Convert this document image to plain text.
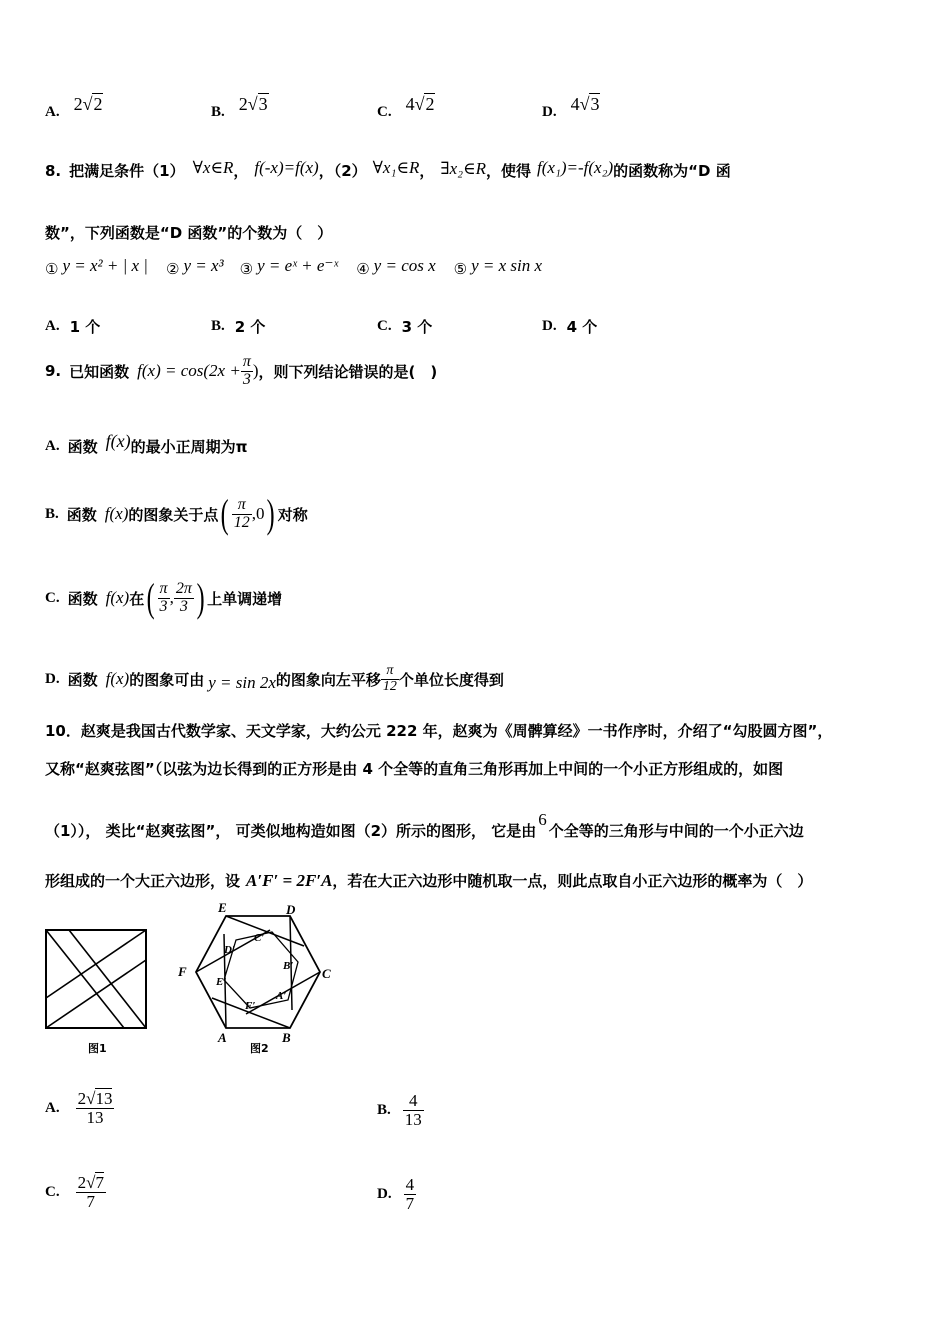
A. 2√2	B. 2√3	C. 4√2	D. 4√3
8. 把满足条件（1） ∀x∈R ， f(-x)=f(x) ，（2） ∀x₁∈R ， ∃x₂∈R ，使得 f(x₁)=-f(x₂) 的函数称为“D 函
数”，下列函数是“D 函数”的个数为（　）
① y = x² + | x | ② y = x³ ③ y = eˣ + e⁻ˣ ④ y = cos x ⑤ y = x sin x
A. 1 个	B. 2 个	C. 3 个	D. 4 个
9. 已知函数 $f(x) = \cos(2x + \frac{\pi}{3}$ ) ，则下列结论错误的是(　)
A. 函数 f(x) 的最小正周期为π
B. 函数 f(x) 的图象关于点 ( $\frac{\pi}{12} ,0$ ) 对称
C. 函数 f(x) 在 ( $\frac{\pi}{3}$ , $\frac{2\pi}{3}$ ) 上单调递增
D. 函数 f(x) 的图象可由 y = sin 2x 的图象向左平移 $\frac{\pi}{12}$ 个单位长度得到
10．赵爽是我国古代数学家、天文学家，大约公元 222 年，赵爽为《周髀算经》一书作序时，介绍了“勾股圆方图”，
又称“赵爽弦图”（以弦为边长得到的正方形是由 4 个全等的直角三角形再加上中间的一个小正方形组成的，如图
（1））， 类比“赵爽弦图”， 可类似地构造如图（2）所示的图形， 它是由
6
个全等的三角形与中间的一个小正六边
形组成的一个大正六边形，设 A′F′ = 2F′A ，若在大正六边形中随机取一点，则此点取自小正六边形的概率为（　）
图1
E	D
C
B
A
F
D′
C′
B′
A′
F′
E′
图2
A. $\frac{2√13}{13}$	B. $\frac{4}{13}$
C. $\frac{2√7}{7}$	D. $\frac{4}{7}$
